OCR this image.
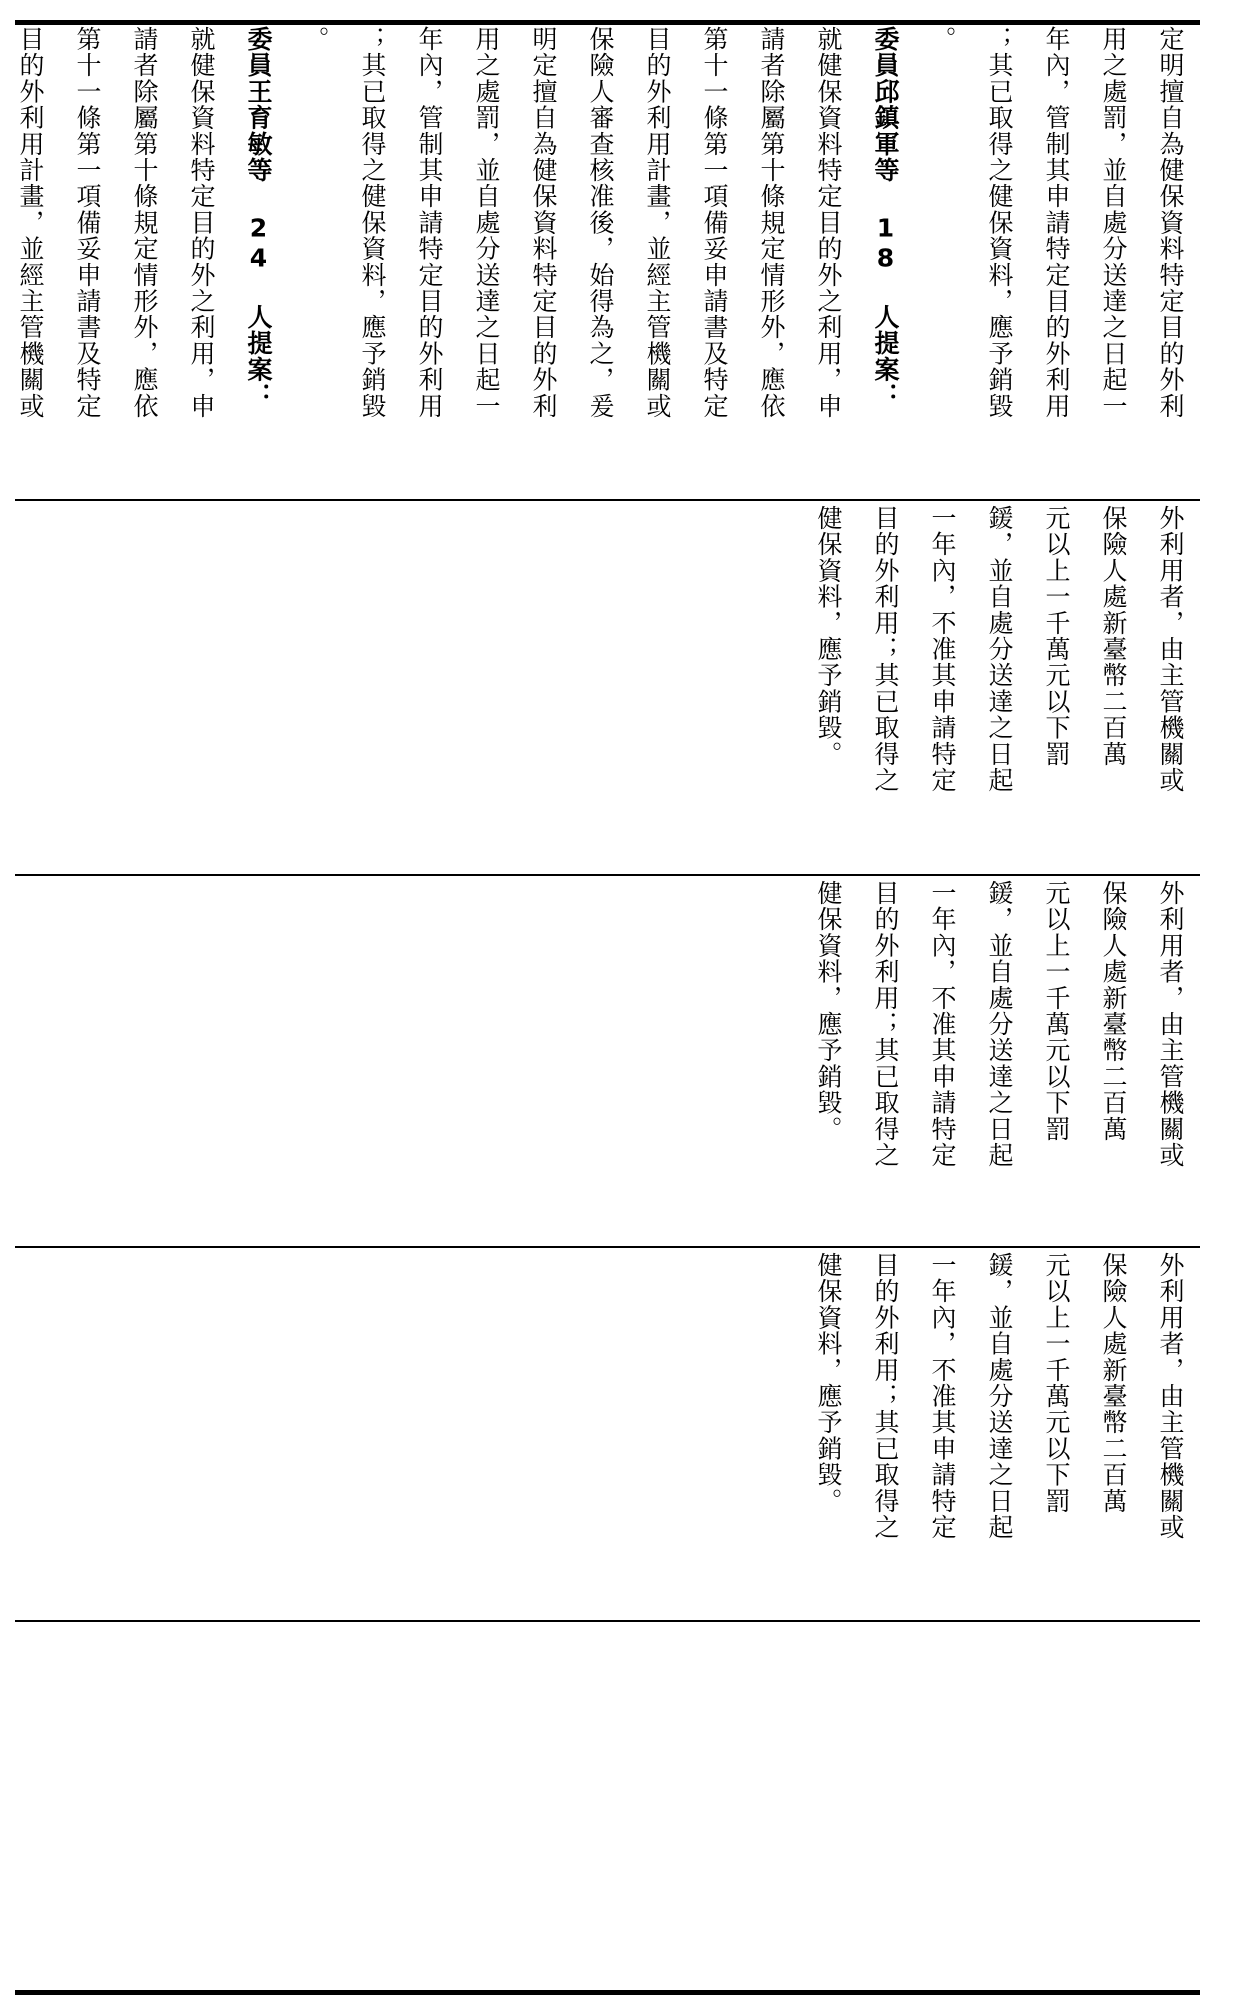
定明擅自為健保資料特定目的外利

用之處罰，並自處分送達之日起一

年內，管制其申請特定目的外利用

；其已取得之健保資料，應予銷毀

。

委員邱鎮軍等 18 人提案：

就健保資料特定目的外之利用，申

請者除屬第十條規定情形外，應依

第十一條第一項備妥申請書及特定

目的外利用計畫，並經主管機關或

保險人審查核准後，始得為之，爰

明定擅自為健保資料特定目的外利

用之處罰，並自處分送達之日起一

年內，管制其申請特定目的外利用

；其已取得之健保資料，應予銷毀

。

委員王育敏等 24 人提案：

就健保資料特定目的外之利用，申

請者除屬第十條規定情形外，應依

第十一條第一項備妥申請書及特定

目的外利用計畫，並經主管機關或

外利用者，由主管機關或

保險人處新臺幣二百萬

元以上一千萬元以下罰

鍰，並自處分送達之日起

一年內，不准其申請特定

目的外利用；其已取得之

健保資料，應予銷毀。

外利用者，由主管機關或

保險人處新臺幣二百萬

元以上一千萬元以下罰

鍰，並自處分送達之日起

一年內，不准其申請特定

目的外利用；其已取得之

健保資料，應予銷毀。

外利用者，由主管機關或

保險人處新臺幣二百萬

元以上一千萬元以下罰

鍰，並自處分送達之日起

一年內，不准其申請特定

目的外利用；其已取得之

健保資料，應予銷毀。
